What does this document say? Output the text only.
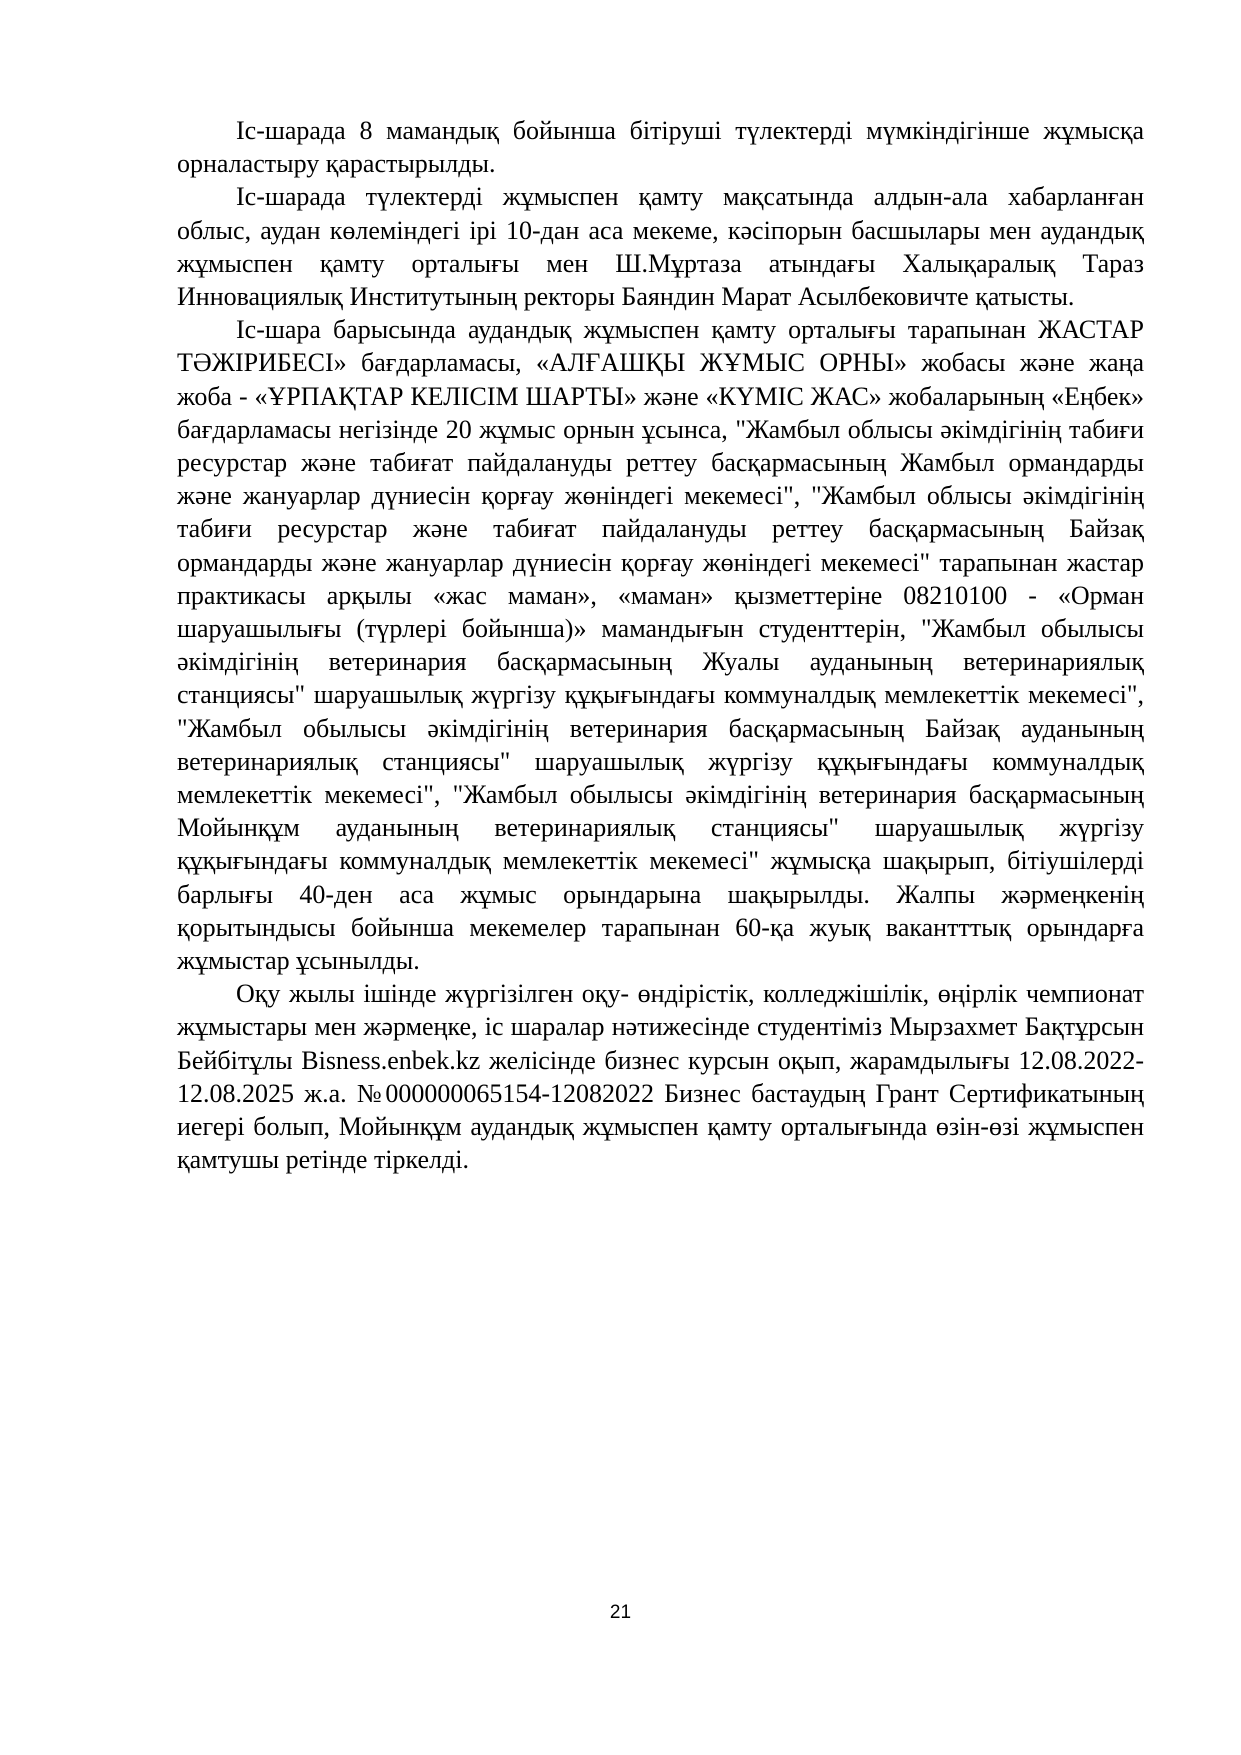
Іс-шарада 8 мамандық бойынша бітіруші түлектерді мүмкіндігінше жұмысқа орналастыру қарастырылды.

Іс-шарада түлектерді жұмыспен қамту мақсатында алдын-ала хабарланған облыс, аудан көлеміндегі ірі 10-дан аса мекеме, кәсіпорын басшылары мен аудандық жұмыспен қамту орталығы мен Ш.Мұртаза атындағы Халықаралық Тараз Инновациялық Институтының ректоры Баяндин Марат Асылбековичте қатысты.

Іс-шара барысында аудандық жұмыспен қамту орталығы тарапынан ЖАСТАР ТӘЖІРИБЕСІ» бағдарламасы, «АЛҒАШҚЫ ЖҰМЫС ОРНЫ» жобасы және жаңа жоба - «ҰРПАҚТАР КЕЛІСІМ ШАРТЫ» және «КҮМІС ЖАС» жобаларының «Еңбек» бағдарламасы негізінде 20 жұмыс орнын ұсынса, "Жамбыл облысы әкімдігінің табиғи ресурстар және табиғат пайдалануды реттеу басқармасының Жамбыл ормандарды және жануарлар дүниесін қорғау жөніндегі мекемесі", "Жамбыл облысы әкімдігінің табиғи ресурстар және табиғат пайдалануды реттеу басқармасының Байзақ ормандарды және жануарлар дүниесін қорғау жөніндегі мекемесі" тарапынан жастар практикасы арқылы «жас маман», «маман» қызметтеріне 08210100 - «Орман шаруашылығы (түрлері бойынша)» мамандығын студенттерін, "Жамбыл обылысы әкімдігінің ветеринария басқармасының Жуалы ауданының ветеринариялық станциясы" шаруашылық жүргізу құқығындағы коммуналдық мемлекеттік мекемесі", "Жамбыл обылысы әкімдігінің ветеринария басқармасының Байзақ ауданының ветеринариялық станциясы" шаруашылық жүргізу құқығындағы коммуналдық мемлекеттік мекемесі", "Жамбыл обылысы әкімдігінің ветеринария басқармасының Мойынқұм ауданының ветеринариялық станциясы" шаруашылық жүргізу құқығындағы коммуналдық мемлекеттік мекемесі" жұмысқа шақырып, бітіушілерді барлығы 40-ден аса жұмыс орындарына шақырылды. Жалпы жәрмеңкенің қорытындысы бойынша мекемелер тарапынан 60-қа жуық вакантттық орындарға жұмыстар ұсынылды.

Оқу жылы ішінде жүргізілген оқу- өндірістік, колледжішілік, өңірлік чемпионат жұмыстары мен жәрмеңке, іс шаралар нәтижесінде студентіміз Мырзахмет Бақтұрсын Бейбітұлы Bisness.enbek.kz желісінде бизнес курсын оқып, жарамдылығы 12.08.2022-12.08.2025 ж.а. №000000065154-12082022 Бизнес бастаудың Грант Сертификатының иегері болып, Мойынқұм аудандық жұмыспен қамту орталығында өзін-өзі жұмыспен қамтушы ретінде тіркелді.

21
